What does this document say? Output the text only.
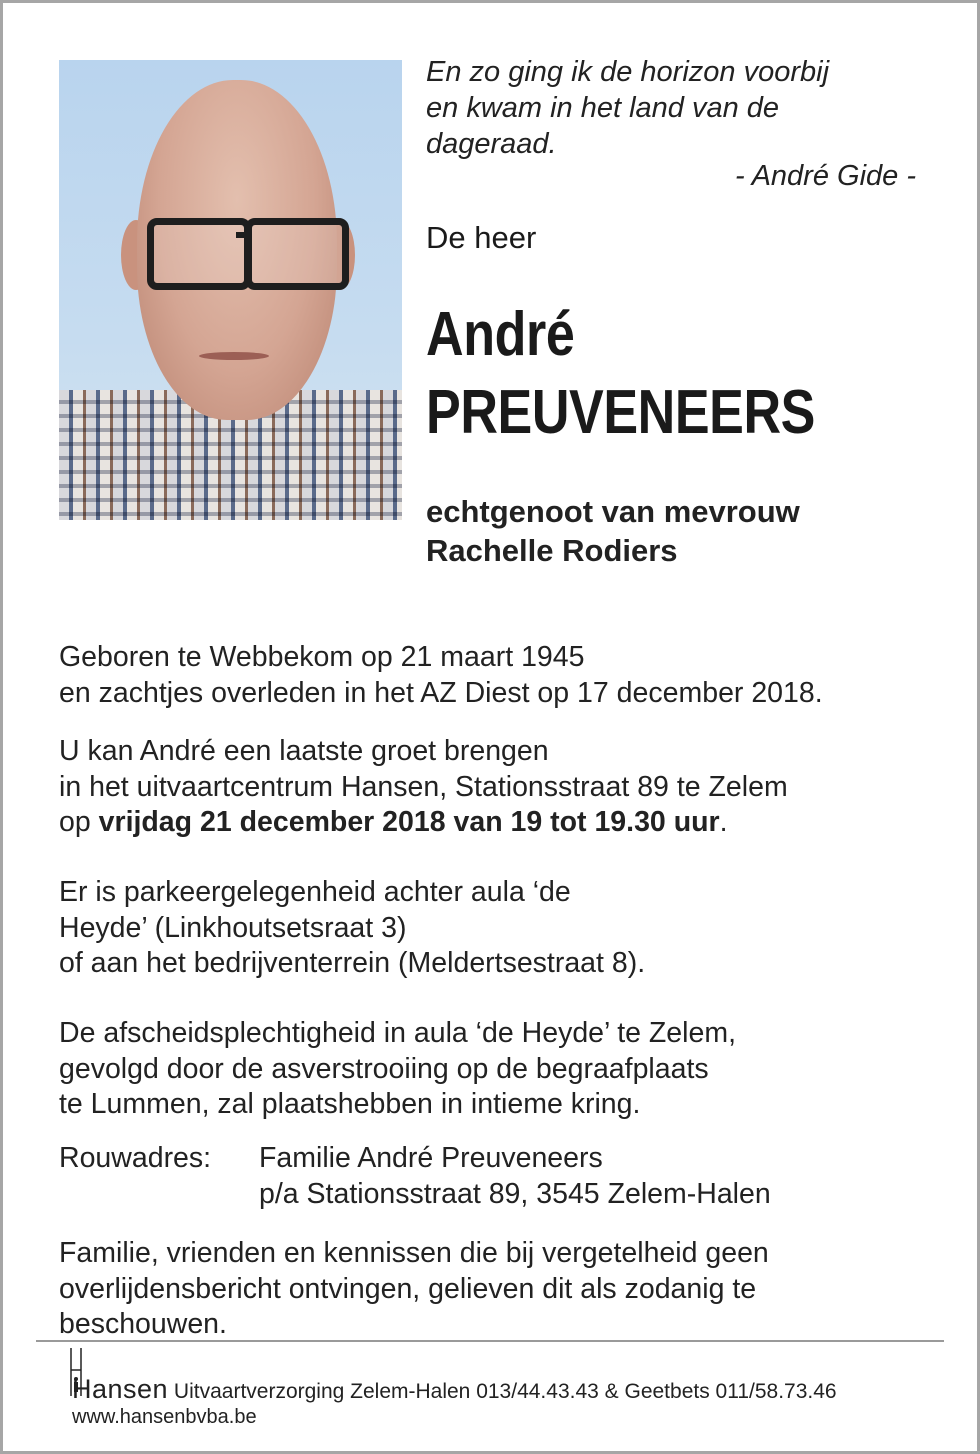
En zo ging ik de horizon voorbij
en kwam in het land van de
dageraad.
- André Gide -
De heer
André
PREUVENEERS
echtgenoot van mevrouw
Rachelle Rodiers

Geboren te Webbekom op 21 maart 1945

en zachtjes overleden in het AZ Diest op 17 december 2018.

U kan André een laatste groet brengen

in het uitvaartcentrum Hansen, Stationsstraat 89 te Zelem

op vrijdag 21 december 2018 van 19 tot 19.30 uur.

Er is parkeergelegenheid achter aula ‘de

Heyde’ (Linkhoutsetsraat 3)

of aan het bedrijventerrein (Meldertsestraat 8).

De afscheidsplechtigheid in aula ‘de Heyde’ te Zelem,

gevolgd door de asverstrooiing op de begraafplaats

te Lummen, zal plaatshebben in intieme kring.

Rouwadres: Familie André Preuveneers
p/a Stationsstraat 89, 3545 Zelem-Halen

Familie, vrienden en kennissen die bij vergetelheid geen

overlijdensbericht ontvingen, gelieven dit als zodanig te

beschouwen.

Hansen Uitvaartverzorging Zelem-Halen 013/44.43.43 & Geetbets 011/58.73.46
www.hansenbvba.be
